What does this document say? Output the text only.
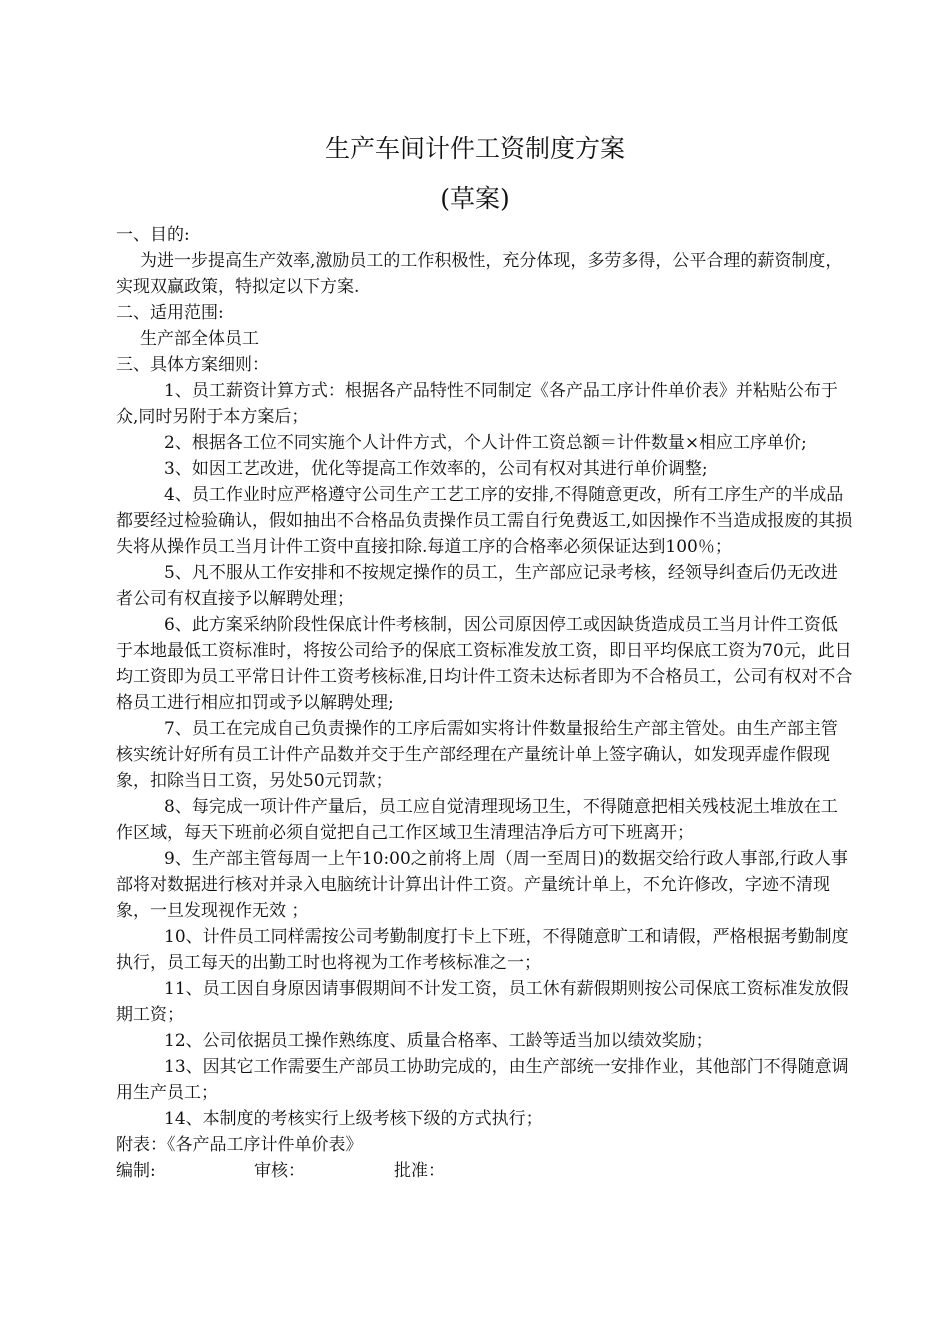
生产车间计件工资制度方案
(草案)

一、目的:

为进一步提高生产效率,激励员工的工作积极性，充分体现，多劳多得，公平合理的薪资制度，实现双赢政策，特拟定以下方案.

二、适用范围:

生产部全体员工

三、具体方案细则：

1、员工薪资计算方式：根据各产品特性不同制定《各产品工序计件单价表》并粘贴公布于众,同时另附于本方案后；

2、根据各工位不同实施个人计件方式，个人计件工资总额＝计件数量×相应工序单价;

3、如因工艺改进，优化等提高工作效率的，公司有权对其进行单价调整;

4、员工作业时应严格遵守公司生产工艺工序的安排,不得随意更改，所有工序生产的半成品都要经过检验确认，假如抽出不合格品负责操作员工需自行免费返工,如因操作不当造成报废的其损失将从操作员工当月计件工资中直接扣除.每道工序的合格率必须保证达到100％；

5、凡不服从工作安排和不按规定操作的员工，生产部应记录考核，经领导纠查后仍无改进者公司有权直接予以解聘处理；

6、此方案采纳阶段性保底计件考核制，因公司原因停工或因缺货造成员工当月计件工资低于本地最低工资标准时，将按公司给予的保底工资标准发放工资，即日平均保底工资为70元，此日均工资即为员工平常日计件工资考核标准,日均计件工资未达标者即为不合格员工，公司有权对不合格员工进行相应扣罚或予以解聘处理;

7、员工在完成自己负责操作的工序后需如实将计件数量报给生产部主管处。由生产部主管核实统计好所有员工计件产品数并交于生产部经理在产量统计单上签字确认，如发现弄虚作假现象，扣除当日工资，另处50元罚款；

8、每完成一项计件产量后，员工应自觉清理现场卫生，不得随意把相关残枝泥土堆放在工作区域，每天下班前必须自觉把自己工作区域卫生清理洁净后方可下班离开；

9、生产部主管每周一上午10:00之前将上周（周一至周日)的数据交给行政人事部,行政人事部将对数据进行核对并录入电脑统计计算出计件工资。产量统计单上，不允许修改，字迹不清现象，一旦发现视作无效 ；

10、计件员工同样需按公司考勤制度打卡上下班，不得随意旷工和请假，严格根据考勤制度执行，员工每天的出勤工时也将视为工作考核标准之一；

11、员工因自身原因请事假期间不计发工资，员工休有薪假期则按公司保底工资标准发放假期工资；

12、公司依据员工操作熟练度、质量合格率、工龄等适当加以绩效奖励；

13、因其它工作需要生产部员工协助完成的，由生产部统一安排作业，其他部门不得随意调用生产员工；

14、本制度的考核实行上级考核下级的方式执行；

附表：《各产品工序计件单价表》

编制:	审核：	批准：
